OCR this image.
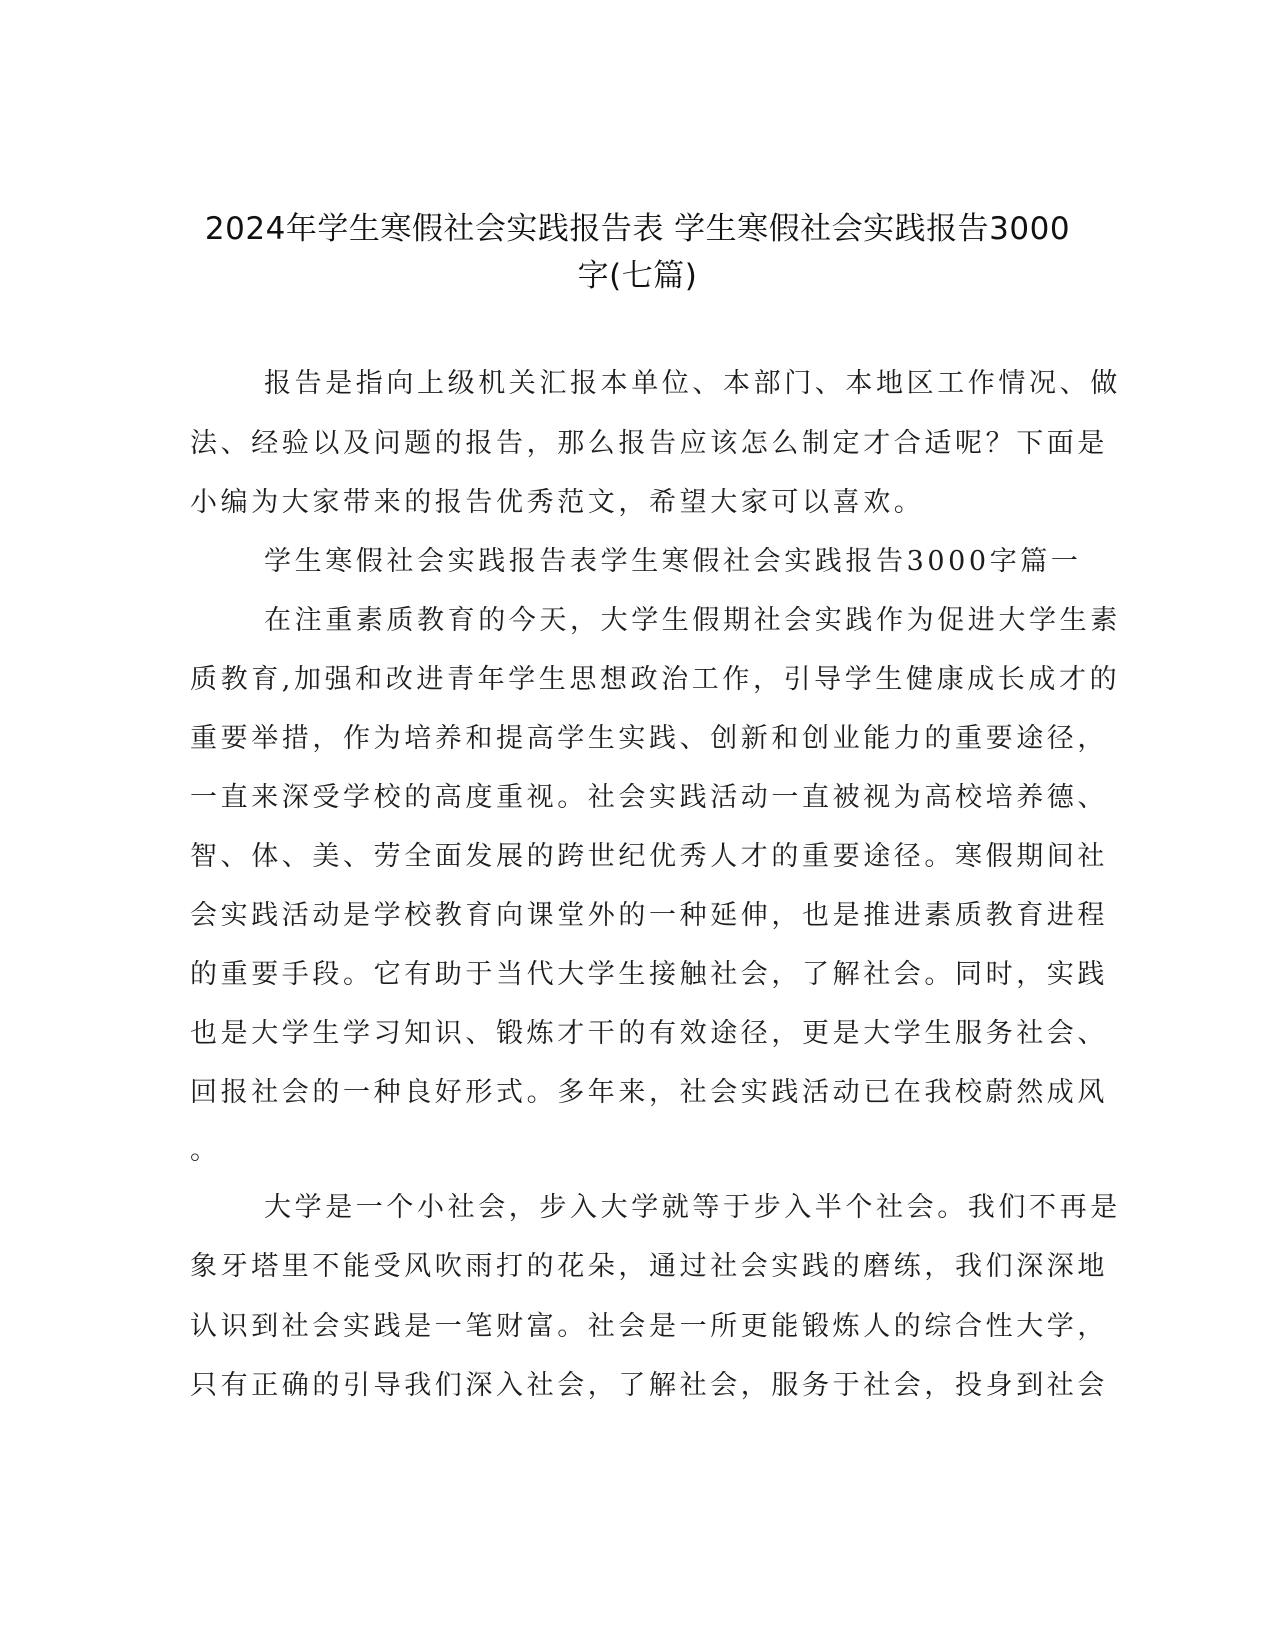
2024年学生寒假社会实践报告表 学生寒假社会实践报告3000
字(七篇)
报告是指向上级机关汇报本单位、本部门、本地区工作情况、做
法、经验以及问题的报告，那么报告应该怎么制定才合适呢？下面是
小编为大家带来的报告优秀范文，希望大家可以喜欢。
学生寒假社会实践报告表学生寒假社会实践报告3000字篇一
在注重素质教育的今天，大学生假期社会实践作为促进大学生素
质教育,加强和改进青年学生思想政治工作，引导学生健康成长成才的
重要举措，作为培养和提高学生实践、创新和创业能力的重要途径，
一直来深受学校的高度重视。社会实践活动一直被视为高校培养德、
智、体、美、劳全面发展的跨世纪优秀人才的重要途径。寒假期间社
会实践活动是学校教育向课堂外的一种延伸，也是推进素质教育进程
的重要手段。它有助于当代大学生接触社会，了解社会。同时，实践
也是大学生学习知识、锻炼才干的有效途径，更是大学生服务社会、
回报社会的一种良好形式。多年来，社会实践活动已在我校蔚然成风
。
大学是一个小社会，步入大学就等于步入半个社会。我们不再是
象牙塔里不能受风吹雨打的花朵，通过社会实践的磨练，我们深深地
认识到社会实践是一笔财富。社会是一所更能锻炼人的综合性大学，
只有正确的引导我们深入社会，了解社会，服务于社会，投身到社会
